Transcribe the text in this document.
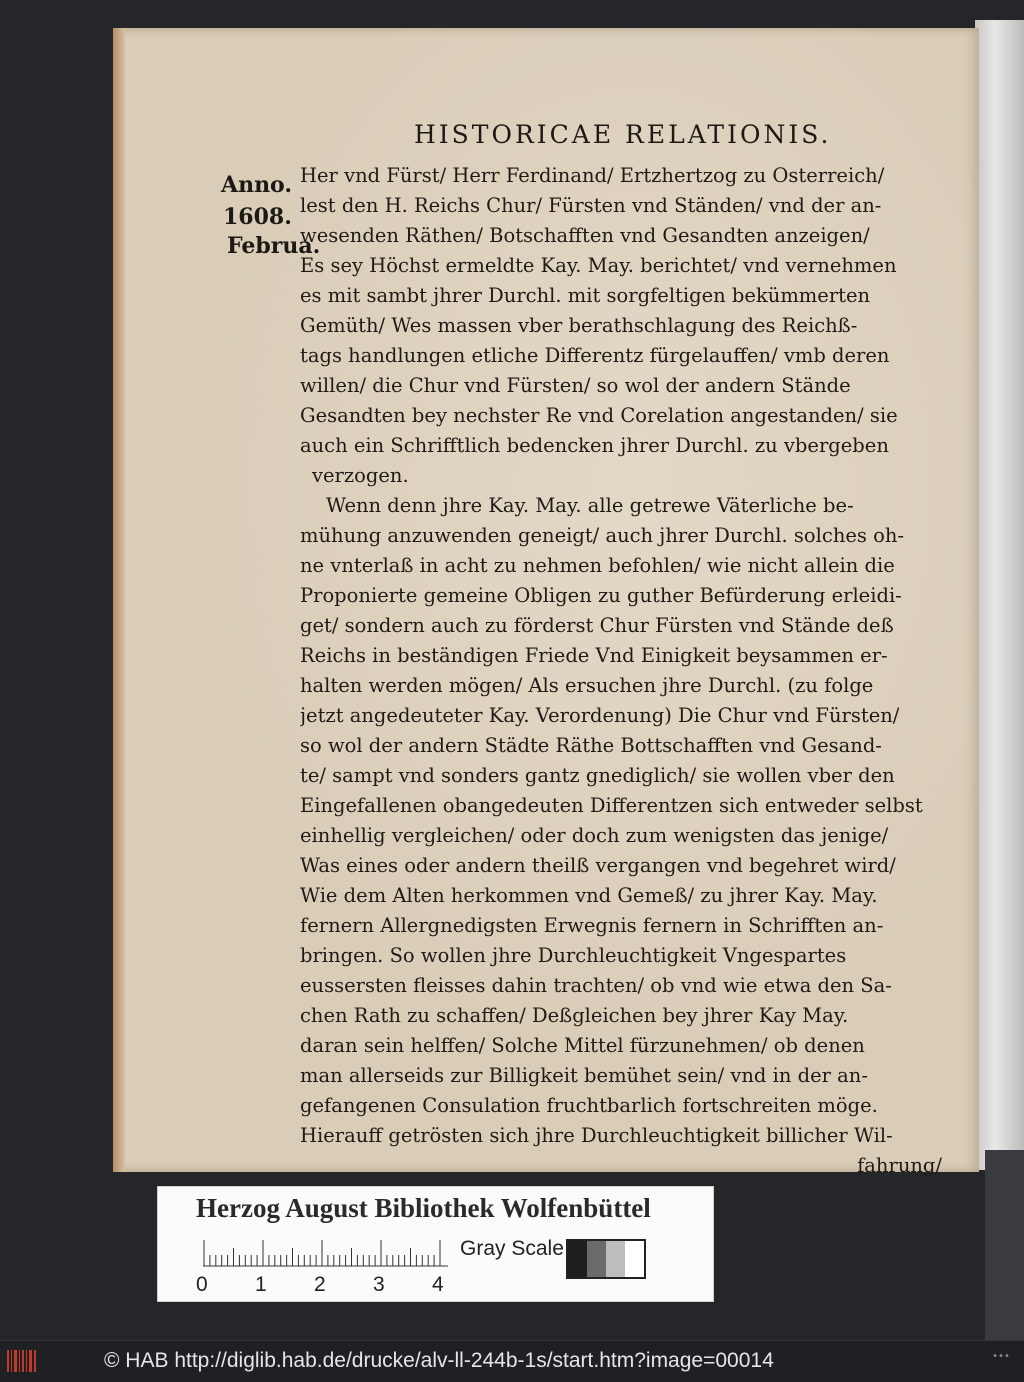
HISTORICAE RELATIONIS.
Anno.
1608.
Februa.
Her vnd Fürst/ Herr Ferdinand/ Ertzhertzog zu Osterreich/
lest den H. Reichs Chur/ Fürsten vnd Ständen/ vnd der an-
wesenden Räthen/ Botschafften vnd Gesandten anzeigen/
Es sey Höchst ermeldte Kay. May. berichtet/ vnd vernehmen
es mit sambt jhrer Durchl. mit sorgfeltigen bekümmerten
Gemüth/ Wes massen vber berathschlagung des Reichß-
tags handlungen etliche Differentz fürgelauffen/ vmb deren
willen/ die Chur vnd Fürsten/ so wol der andern Stände
Gesandten bey nechster Re vnd Corelation angestanden/ sie
auch ein Schrifftlich bedencken jhrer Durchl. zu vbergeben
verzogen.
Wenn denn jhre Kay. May. alle getrewe Väterliche be-
mühung anzuwenden geneigt/ auch jhrer Durchl. solches oh-
ne vnterlaß in acht zu nehmen befohlen/ wie nicht allein die
Proponierte gemeine Obligen zu guther Befürderung erleidi-
get/ sondern auch zu förderst Chur Fürsten vnd Stände deß
Reichs in beständigen Friede Vnd Einigkeit beysammen er-
halten werden mögen/ Als ersuchen jhre Durchl. (zu folge
jetzt angedeuteter Kay. Verordenung) Die Chur vnd Fürsten/
so wol der andern Städte Räthe Bottschafften vnd Gesand-
te/ sampt vnd sonders gantz gnediglich/ sie wollen vber den
Eingefallenen obangedeuten Differentzen sich entweder selbst
einhellig vergleichen/ oder doch zum wenigsten das jenige/
Was eines oder andern theilß vergangen vnd begehret wird/
Wie dem Alten herkommen vnd Gemeß/ zu jhrer Kay. May.
fernern Allergnedigsten Erwegnis fernern in Schrifften an-
bringen. So wollen jhre Durchleuchtigkeit Vngespartes
eussersten fleisses dahin trachten/ ob vnd wie etwa den Sa-
chen Rath zu schaffen/ Deßgleichen bey jhrer Kay May.
daran sein helffen/ Solche Mittel fürzunehmen/ ob denen
man allerseids zur Billigkeit bemühet sein/ vnd in der an-
gefangenen Consulation fruchtbarlich fortschreiten möge.
Hierauff getrösten sich jhre Durchleuchtigkeit billicher Wil-
fahrung/
Herzog August Bibliothek Wolfenbüttel
0 1 2 3 4
Gray Scale
© HAB http://diglib.hab.de/drucke/alv-ll-244b-1s/start.htm?image=00014	•••
